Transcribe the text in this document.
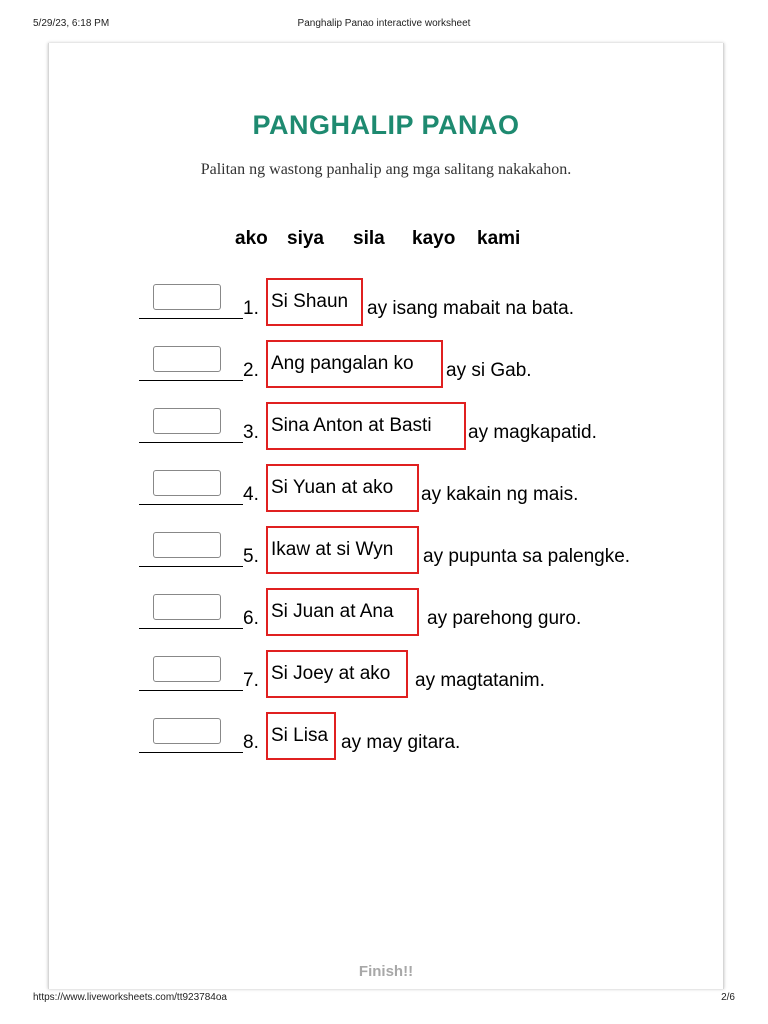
5/29/23, 6:18 PM	Panghalip Panao interactive worksheet
PANGHALIP PANAO
Palitan ng wastong panhalip ang mga salitang nakakahon.
ako siya sila kayo kami
1. Si Shaun ay isang mabait na bata.
2. Ang pangalan ko	ay si Gab.
3. Sina Anton at Basti	ay magkapatid.
4. Si Yuan at ako	ay kakain ng mais.
5. Ikaw at si Wyn	ay pupunta sa palengke.
6. Si Juan at Ana	ay parehong guro.
7. Si Joey at ako	ay magtatanim.
8. Si Lisa ay may gitara.
Finish!!
https://www.liveworksheets.com/tt923784oa	2/6
